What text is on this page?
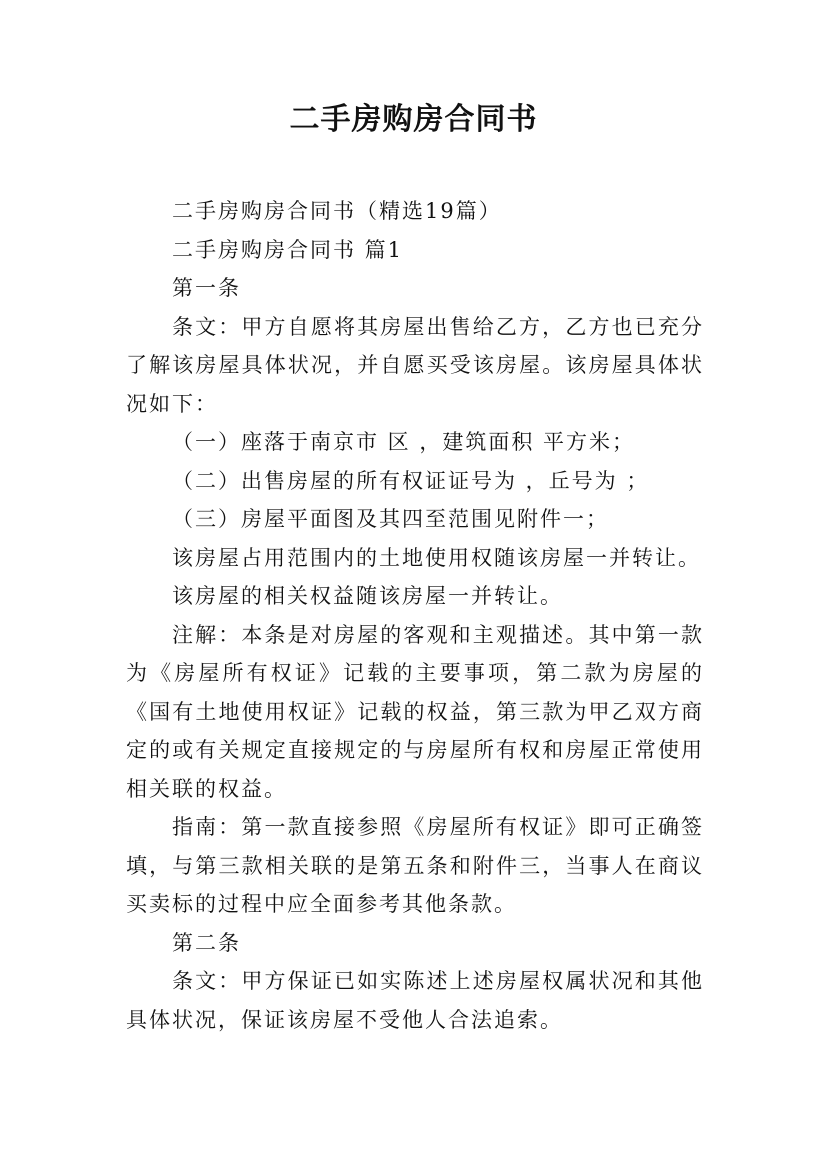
二手房购房合同书

二手房购房合同书（精选19篇）

二手房购房合同书 篇1

第一条

条文：甲方自愿将其房屋出售给乙方，乙方也已充分了解该房屋具体状况，并自愿买受该房屋。该房屋具体状况如下：

（一）座落于南京市 区 ，建筑面积 平方米；

（二）出售房屋的所有权证证号为 ，丘号为 ；

（三）房屋平面图及其四至范围见附件一；

该房屋占用范围内的土地使用权随该房屋一并转让。

该房屋的相关权益随该房屋一并转让。

注解：本条是对房屋的客观和主观描述。其中第一款为《房屋所有权证》记载的主要事项，第二款为房屋的《国有土地使用权证》记载的权益，第三款为甲乙双方商定的或有关规定直接规定的与房屋所有权和房屋正常使用相关联的权益。

指南：第一款直接参照《房屋所有权证》即可正确签填，与第三款相关联的是第五条和附件三，当事人在商议买卖标的过程中应全面参考其他条款。

第二条

条文：甲方保证已如实陈述上述房屋权属状况和其他具体状况，保证该房屋不受他人合法追索。
